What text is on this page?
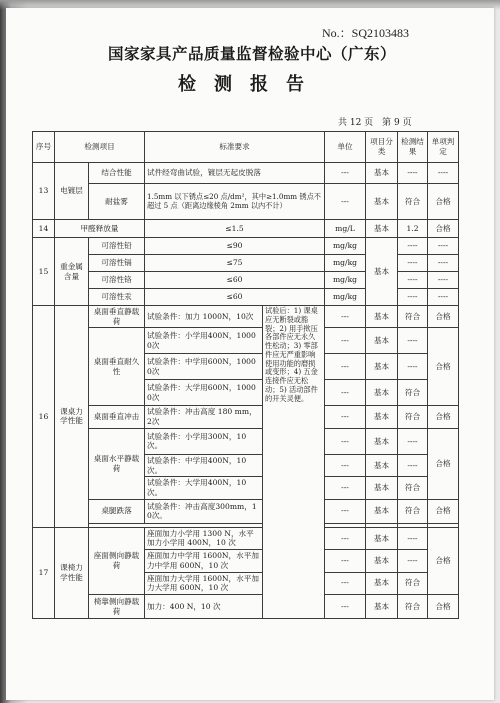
No.：SQ2103483
国家家具产品质量监督检验中心（广东）
检测报告
共 12 页　第 9 页
序号	检测项目		标准要求		单位	项目分类	检测结果	单项判定
13	电镀层	结合性能	试件经弯曲试验，镀层无起皮脱落		---	基本	----	----
		耐盐雾	1.5mm 以下锈点≤20 点/dm²，其中≥1.0mm 锈点不超过 5 点（距离边缘棱角 2mm 以内不计）		---	基本	符合	合格
14	甲醛释放量		≤1.5		mg/L	基本	1.2	合格
15	重金属含量	可溶性铅	≤90		mg/kg	基本	----	----
		可溶性镉	≤75		mg/kg		----	----
		可溶性铬	≤60		mg/kg		----	----
		可溶性汞	≤60		mg/kg		----	----
16	课桌力学性能	桌面垂直静载荷	试验条件：加力 1000N，10次	试验后：1) 课桌应无断裂或豁裂；2) 用手揿压各部件应无永久性松动；3) 零部件应无严重影响使用功能的磨损或变形；4) 五金连接件应无松动；5) 活动部件的开关灵便。	---	基本	符合	合格
		桌面垂直耐久性	试验条件：小学用400N，10000次		---	基本	----	合格
			试验条件：中学用600N，10000次		---	基本	----	
			试验条件：大学用600N，10000次		---	基本	符合	
		桌面垂直冲击	试验条件：冲击高度 180 mm，2次		---	基本	符合	合格
		桌面水平静载荷	试验条件：小学用300N，10次。		---	基本	----	合格
			试验条件：中学用400N，10次。		---	基本	----	
			试验条件：大学用400N，10次。		---	基本	符合	
		桌腿跌落	试验条件：冲击高度300mm，10次。		---	基本	符合	合格

17	课椅力学性能	座面侧向静载荷	座面加力小学用 1300 N，水平加力小学用 400N，10 次		---	基本	----	合格
			座面加力中学用 1600N，水平加力中学用 600N，10 次		---	基本	----	
			座面加力大学用 1600N，水平加力大学用 600N，10 次		---	基本	符合	
		椅靠侧向静载荷	加力：400 N，10 次		---	基本	符合	合格
